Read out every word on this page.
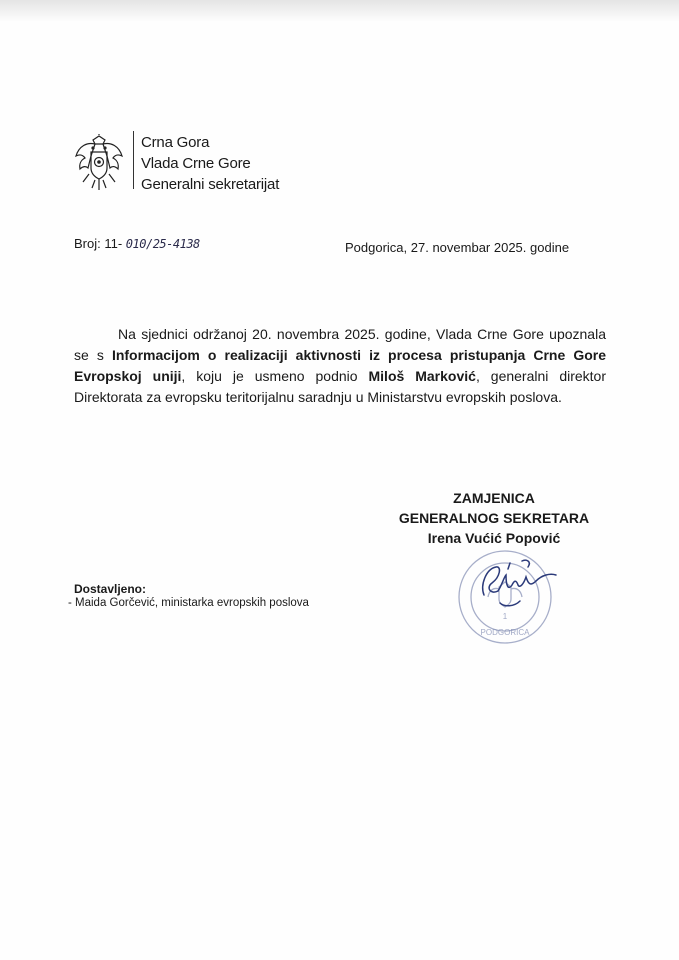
Crna Gora
Vlada Crne Gore
Generalni sekretarijat
Broj: 11- 010/25-4138	Podgorica, 27. novembar 2025. godine
Na sjednici održanoj 20. novembra 2025. godine, Vlada Crne Gore upoznala se s Informacijom o realizaciji aktivnosti iz procesa pristupanja Crne Gore Evropskoj uniji, koju je usmeno podnio Miloš Marković, generalni direktor Direktorata za evropsku teritorijalnu saradnju u Ministarstvu evropskih poslova.
1
PODGORICA
ZAMJENICA
GENERALNOG SEKRETARA
Irena Vućić Popović
Dostavljeno:
- Maida Gorčević, ministarka evropskih poslova
